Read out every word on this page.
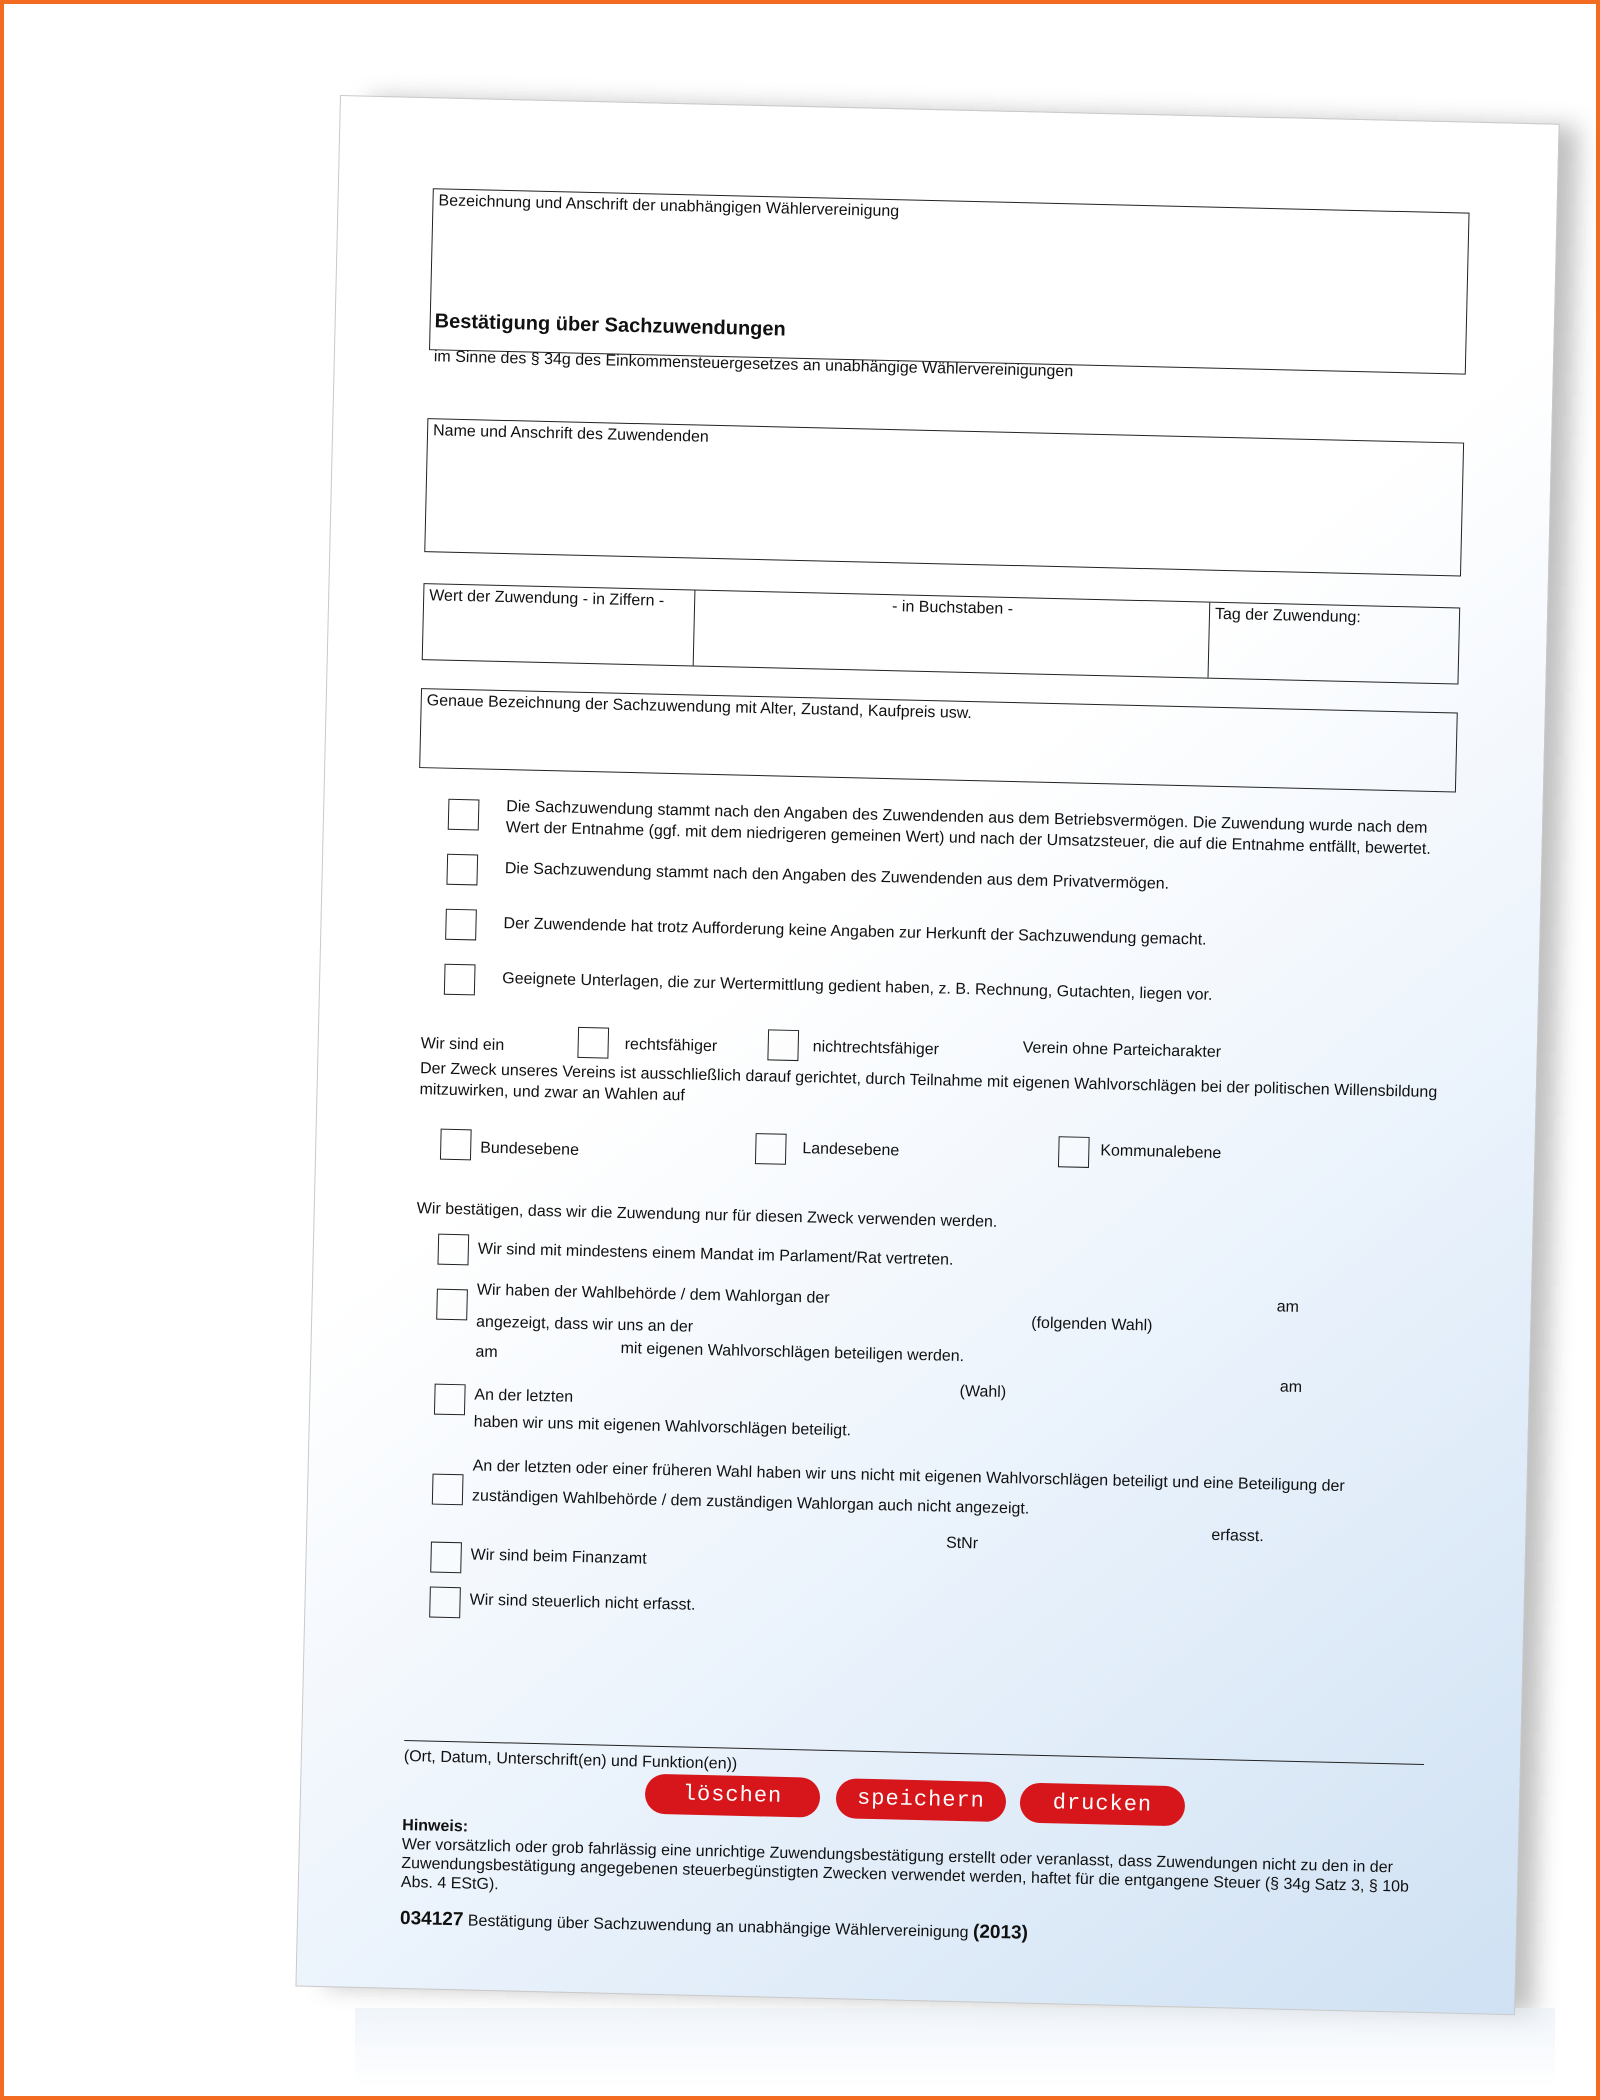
Bezeichnung und Anschrift der unabhängigen Wählervereinigung
Bestätigung über Sachzuwendungen
im Sinne des § 34g des Einkommensteuergesetzes an unabhängige Wählervereinigungen
Name und Anschrift des Zuwendenden
Wert der Zuwendung - in Ziffern -	- in Buchstaben -	Tag der Zuwendung:
Genaue Bezeichnung der Sachzuwendung mit Alter, Zustand, Kaufpreis usw.
Die Sachzuwendung stammt nach den Angaben des Zuwendenden aus dem Betriebsvermögen. Die Zuwendung wurde nach dem Wert der Entnahme (ggf. mit dem niedrigeren gemeinen Wert) und nach der Umsatzsteuer, die auf die Entnahme entfällt, bewertet.
Die Sachzuwendung stammt nach den Angaben des Zuwendenden aus dem Privatvermögen.
Der Zuwendende hat trotz Aufforderung keine Angaben zur Herkunft der Sachzuwendung gemacht.
Geeignete Unterlagen, die zur Wertermittlung gedient haben, z. B. Rechnung, Gutachten, liegen vor.
Wir sind ein	rechtsfähiger	nichtrechtsfähiger	Verein ohne Parteicharakter
Der Zweck unseres Vereins ist ausschließlich darauf gerichtet, durch Teilnahme mit eigenen Wahlvorschlägen bei der politischen Willensbildung mitzuwirken, und zwar an Wahlen auf
Bundesebene	Landesebene	Kommunalebene
Wir bestätigen, dass wir die Zuwendung nur für diesen Zweck verwenden werden.
Wir sind mit mindestens einem Mandat im Parlament/Rat vertreten.
Wir haben der Wahlbehörde / dem Wahlorgan der
am
angezeigt, dass wir uns an der	(folgenden Wahl)
am	mit eigenen Wahlvorschlägen beteiligen werden.
An der letzten	(Wahl)	am
haben wir uns mit eigenen Wahlvorschlägen beteiligt.
An der letzten oder einer früheren Wahl haben wir uns nicht mit eigenen Wahlvorschlägen beteiligt und eine Beteiligung der zuständigen Wahlbehörde / dem zuständigen Wahlorgan auch nicht angezeigt.
Wir sind beim Finanzamt
StNr	erfasst.
Wir sind steuerlich nicht erfasst.
(Ort, Datum, Unterschrift(en) und Funktion(en))
löschen	speichern	drucken
Hinweis:
Wer vorsätzlich oder grob fahrlässig eine unrichtige Zuwendungsbestätigung erstellt oder veranlasst, dass Zuwendungen nicht zu den in der Zuwendungsbestätigung angegebenen steuerbegünstigten Zwecken verwendet werden, haftet für die entgangene Steuer (§ 34g Satz 3, § 10b Abs. 4 EStG).
034127 Bestätigung über Sachzuwendung an unabhängige Wählervereinigung (2013)
